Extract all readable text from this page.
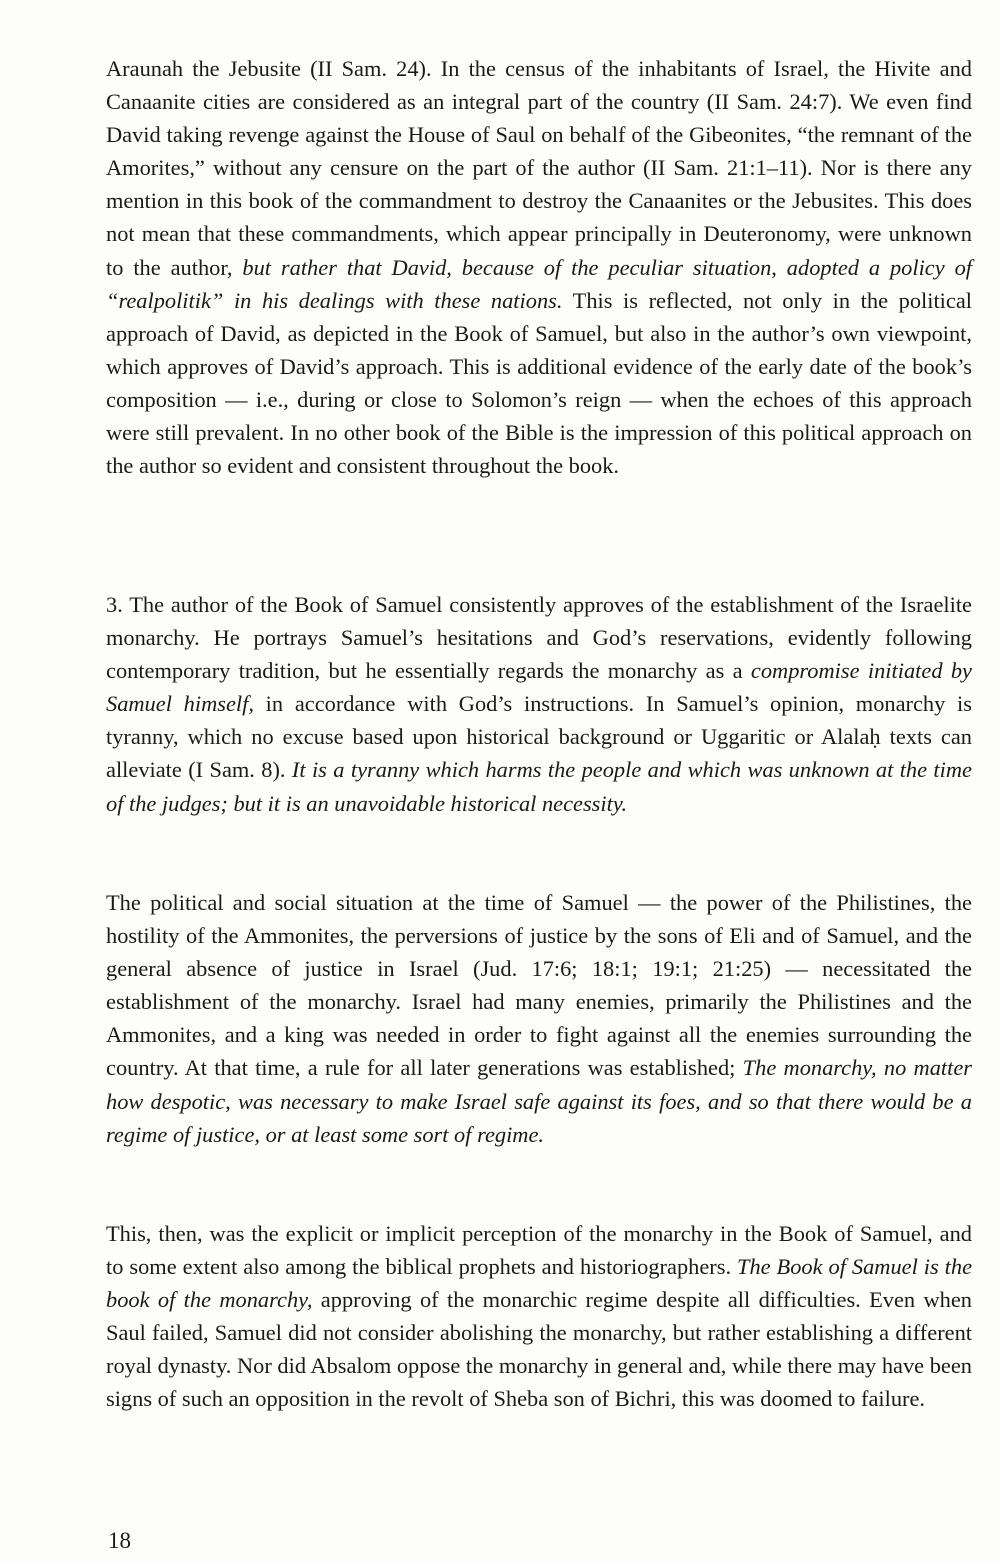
Araunah the Jebusite (II Sam. 24). In the census of the inhabitants of Israel, the Hivite and Canaanite cities are considered as an integral part of the country (II Sam. 24:7). We even find David taking revenge against the House of Saul on behalf of the Gibeonites, “the remnant of the Amorites,” without any censure on the part of the author (II Sam. 21:1–11). Nor is there any mention in this book of the commandment to destroy the Canaanites or the Jebusites. This does not mean that these commandments, which appear principally in Deuteronomy, were unknown to the author, but rather that David, because of the peculiar situation, adopted a policy of “realpolitik” in his dealings with these nations. This is reflected, not only in the political approach of David, as depicted in the Book of Samuel, but also in the author’s own viewpoint, which approves of David’s approach. This is additional evidence of the early date of the book’s composition — i.e., during or close to Solomon’s reign — when the echoes of this approach were still prevalent. In no other book of the Bible is the impression of this political approach on the author so evident and consistent throughout the book.

3. The author of the Book of Samuel consistently approves of the establishment of the Israelite monarchy. He portrays Samuel’s hesitations and God’s reservations, evidently following contemporary tradition, but he essentially regards the monarchy as a compromise initiated by Samuel himself, in accordance with God’s instructions. In Samuel’s opinion, monarchy is tyranny, which no excuse based upon historical background or Uggaritic or Alalaḥ texts can alleviate (I Sam. 8). It is a tyranny which harms the people and which was unknown at the time of the judges; but it is an unavoidable historical necessity.

The political and social situation at the time of Samuel — the power of the Philistines, the hostility of the Ammonites, the perversions of justice by the sons of Eli and of Samuel, and the general absence of justice in Israel (Jud. 17:6; 18:1; 19:1; 21:25) — necessitated the establishment of the monarchy. Israel had many enemies, primarily the Philistines and the Ammonites, and a king was needed in order to fight against all the enemies surrounding the country. At that time, a rule for all later generations was established; The monarchy, no matter how despotic, was necessary to make Israel safe against its foes, and so that there would be a regime of justice, or at least some sort of regime.

This, then, was the explicit or implicit perception of the monarchy in the Book of Samuel, and to some extent also among the biblical prophets and historiographers. The Book of Samuel is the book of the monarchy, approving of the monarchic regime despite all difficulties. Even when Saul failed, Samuel did not consider abolishing the monarchy, but rather establishing a different royal dynasty. Nor did Absalom oppose the monarchy in general and, while there may have been signs of such an opposition in the revolt of Sheba son of Bichri, this was doomed to failure.

18
